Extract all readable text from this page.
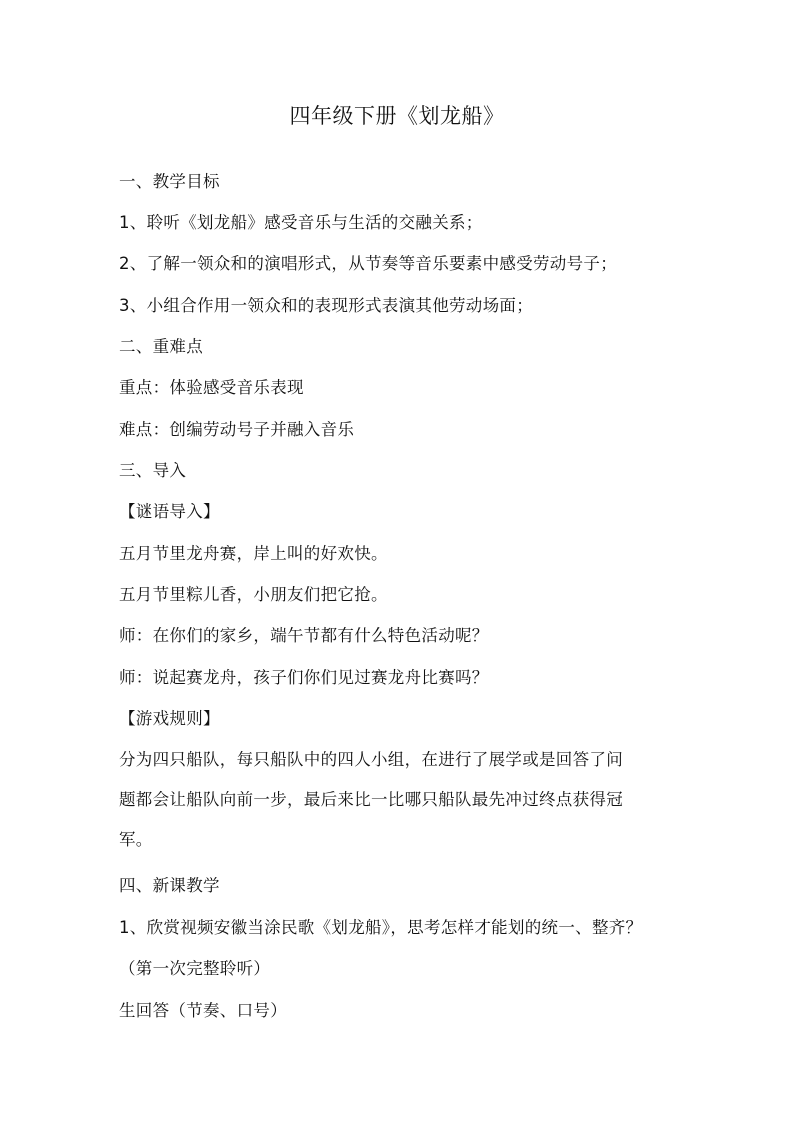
四年级下册《划龙船》
一、教学目标
1、聆听《划龙船》感受音乐与生活的交融关系；
2、了解一领众和的演唱形式，从节奏等音乐要素中感受劳动号子；
3、小组合作用一领众和的表现形式表演其他劳动场面；
二、重难点
重点：体验感受音乐表现
难点：创编劳动号子并融入音乐
三、导入
【谜语导入】
五月节里龙舟赛，岸上叫的好欢快。
五月节里粽儿香，小朋友们把它抢。
师：在你们的家乡，端午节都有什么特色活动呢？
师：说起赛龙舟，孩子们你们见过赛龙舟比赛吗？
【游戏规则】
分为四只船队，每只船队中的四人小组，在进行了展学或是回答了问
题都会让船队向前一步，最后来比一比哪只船队最先冲过终点获得冠
军。
四、新课教学
1、欣赏视频安徽当涂民歌《划龙船》，思考怎样才能划的统一、整齐？
（第一次完整聆听）
生回答（节奏、口号）
